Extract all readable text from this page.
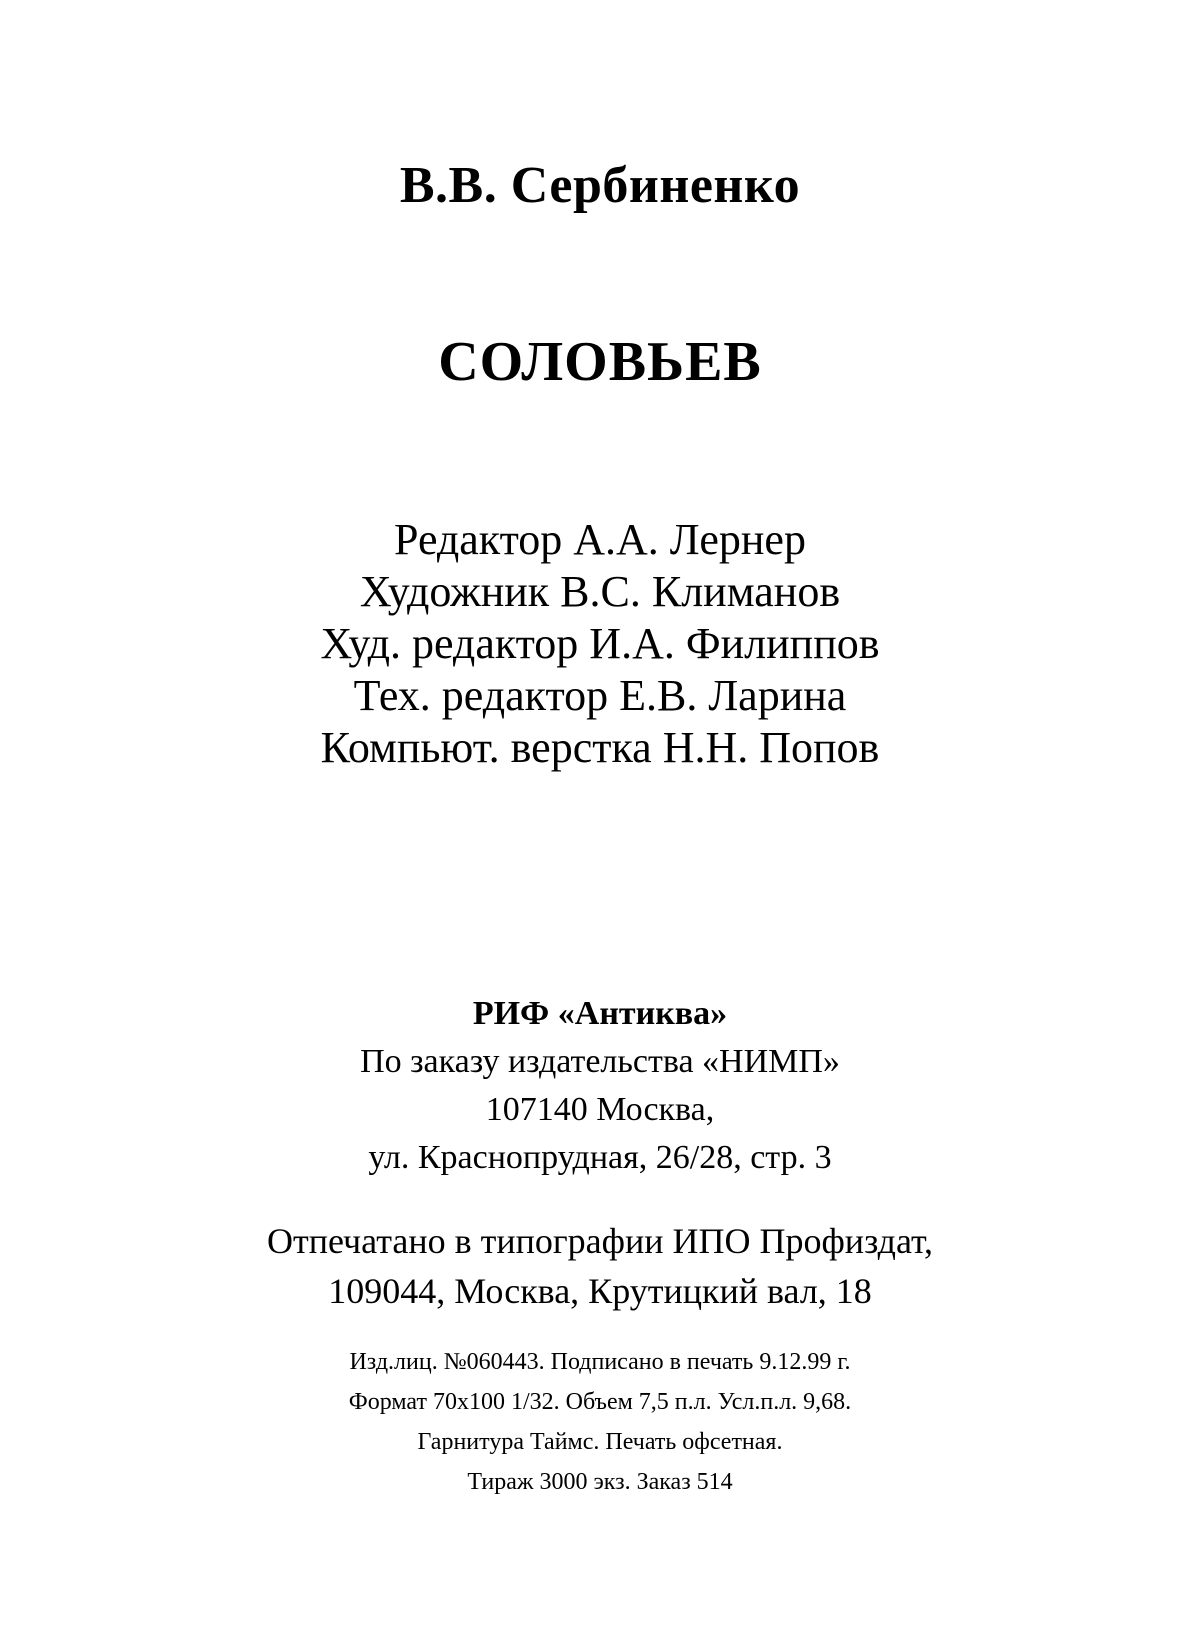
В.В. Сербиненко
СОЛОВЬЕВ
Редактор А.А. Лернер
Художник В.С. Климанов
Худ. редактор И.А. Филиппов
Тех. редактор Е.В. Ларина
Компьют. верстка Н.Н. Попов
РИФ «Антиква»
По заказу издательства «НИМП»
107140 Москва,
ул. Краснопрудная, 26/28, стр. 3
Отпечатано в типографии ИПО Профиздат,
109044, Москва, Крутицкий вал, 18
Изд.лиц. №060443. Подписано в печать 9.12.99 г.
Формат 70x100 1/32. Объем 7,5 п.л. Усл.п.л. 9,68.
Гарнитура Таймс. Печать офсетная.
Тираж 3000 экз. Заказ 514
